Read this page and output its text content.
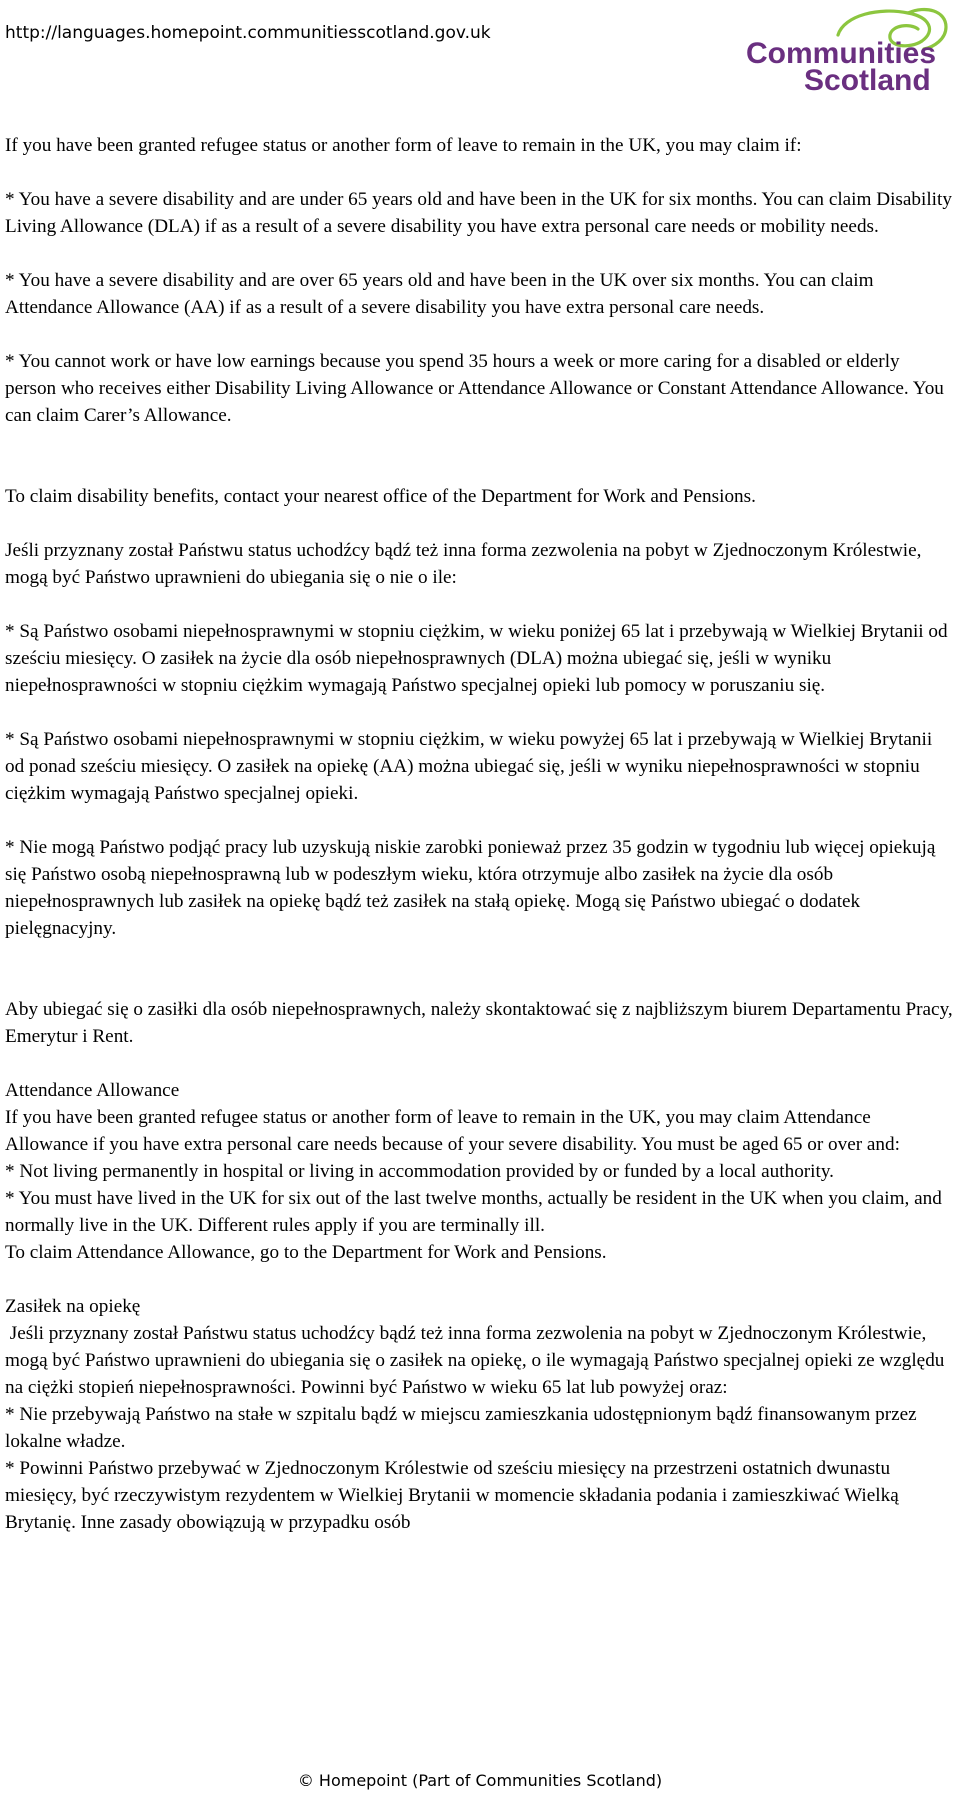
http://languages.homepoint.communitiesscotland.gov.uk
Communities
Scotland

If you have been granted refugee status or another form of leave to remain in the UK, you may claim if:

* You have a severe disability and are under 65 years old and have been in the UK for six months. You can claim Disability Living Allowance (DLA) if as a result of a severe disability you have extra personal care needs or mobility needs.

* You have a severe disability and are over 65 years old and have been in the UK over six months. You can claim Attendance Allowance (AA) if as a result of a severe disability you have extra personal care needs.

* You cannot work or have low earnings because you spend 35 hours a week or more caring for a disabled or elderly person who receives either Disability Living Allowance or Attendance Allowance or Constant Attendance Allowance. You can claim Carer’s Allowance.

To claim disability benefits, contact your nearest office of the Department for Work and Pensions.

Jeśli przyznany został Państwu status uchodźcy bądź też inna forma zezwolenia na pobyt w Zjednoczonym Królestwie, mogą być Państwo uprawnieni do ubiegania się o nie o ile:

* Są Państwo osobami niepełnosprawnymi w stopniu ciężkim, w wieku poniżej 65 lat i przebywają w Wielkiej Brytanii od sześciu miesięcy. O zasiłek na życie dla osób niepełnosprawnych (DLA) można ubiegać się, jeśli w wyniku niepełnosprawności w stopniu ciężkim wymagają Państwo specjalnej opieki lub pomocy w poruszaniu się.

* Są Państwo osobami niepełnosprawnymi w stopniu ciężkim, w wieku powyżej 65 lat i przebywają w Wielkiej Brytanii od ponad sześciu miesięcy. O zasiłek na opiekę (AA) można ubiegać się, jeśli w wyniku niepełnosprawności w stopniu ciężkim wymagają Państwo specjalnej opieki.

* Nie mogą Państwo podjąć pracy lub uzyskują niskie zarobki ponieważ przez 35 godzin w tygodniu lub więcej opiekują się Państwo osobą niepełnosprawną lub w podeszłym wieku, która otrzymuje albo zasiłek na życie dla osób niepełnosprawnych lub zasiłek na opiekę bądź też zasiłek na stałą opiekę. Mogą się Państwo ubiegać o dodatek pielęgnacyjny.

Aby ubiegać się o zasiłki dla osób niepełnosprawnych, należy skontaktować się z najbliższym biurem Departamentu Pracy, Emerytur i Rent.

Attendance Allowance

If you have been granted refugee status or another form of leave to remain in the UK, you may claim Attendance Allowance if you have extra personal care needs because of your severe disability. You must be aged 65 or over and:

* Not living permanently in hospital or living in accommodation provided by or funded by a local authority.

* You must have lived in the UK for six out of the last twelve months, actually be resident in the UK when you claim, and normally live in the UK. Different rules apply if you are terminally ill.

To claim Attendance Allowance, go to the Department for Work and Pensions.

Zasiłek na opiekę

Jeśli przyznany został Państwu status uchodźcy bądź też inna forma zezwolenia na pobyt w Zjednoczonym Królestwie, mogą być Państwo uprawnieni do ubiegania się o zasiłek na opiekę, o ile wymagają Państwo specjalnej opieki ze względu na ciężki stopień niepełnosprawności. Powinni być Państwo w wieku 65 lat lub powyżej oraz:

* Nie przebywają Państwo na stałe w szpitalu bądź w miejscu zamieszkania udostępnionym bądź finansowanym przez lokalne władze.

* Powinni Państwo przebywać w Zjednoczonym Królestwie od sześciu miesięcy na przestrzeni ostatnich dwunastu miesięcy, być rzeczywistym rezydentem w Wielkiej Brytanii w momencie składania podania i zamieszkiwać Wielką Brytanię. Inne zasady obowiązują w przypadku osób

© Homepoint (Part of Communities Scotland)
